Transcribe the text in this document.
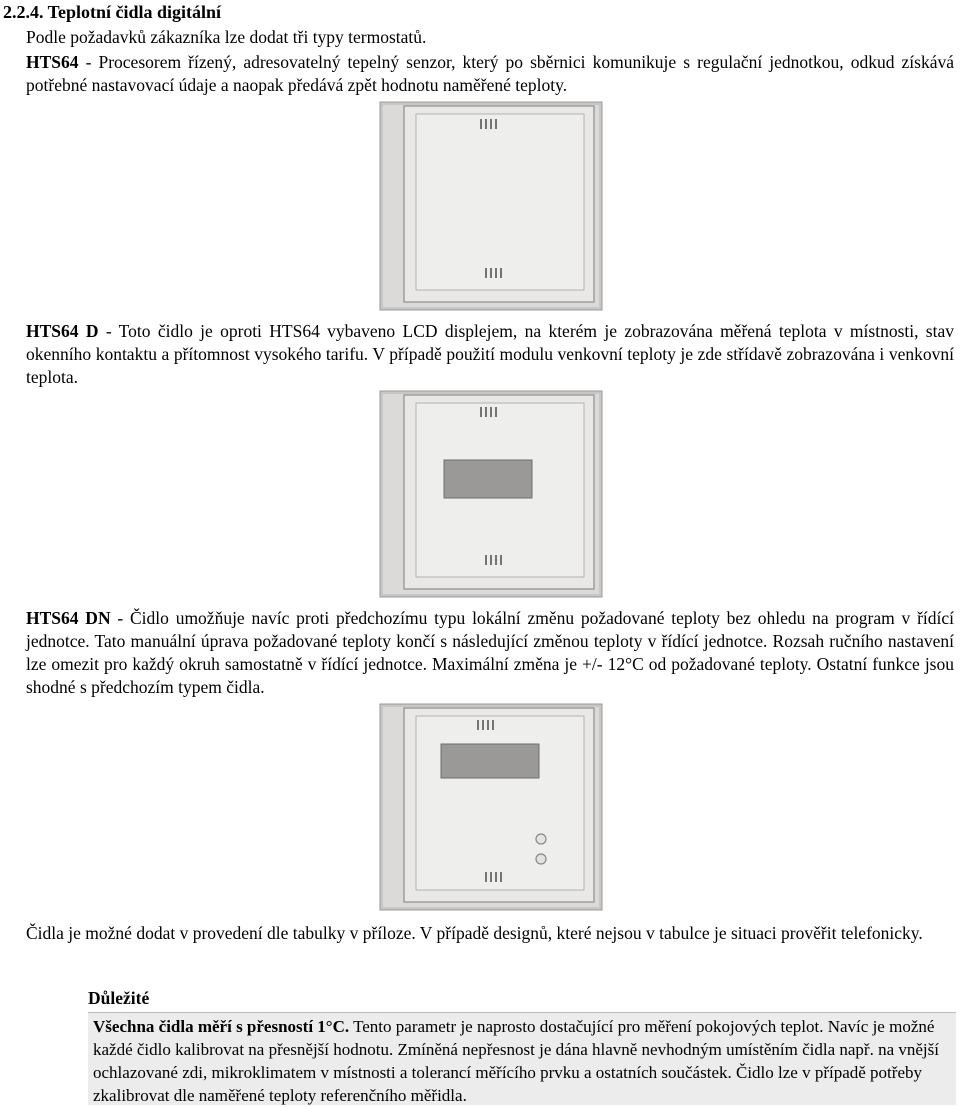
2.2.4. Teplotní čidla digitální

Podle požadavků zákazníka lze dodat tři typy termostatů.

HTS64 - Procesorem řízený, adresovatelný tepelný senzor, který po sběrnici komunikuje s regulační jednotkou, odkud získává potřebné nastavovací údaje a naopak předává zpět hodnotu naměřené teploty.

HTS64 D - Toto čidlo je oproti HTS64 vybaveno LCD displejem, na kterém je zobrazována měřená teplota v místnosti, stav okenního kontaktu a přítomnost vysokého tarifu. V případě použití modulu venkovní teploty je zde střídavě zobrazována i venkovní teplota.

HTS64 DN - Čidlo umožňuje navíc proti předchozímu typu lokální změnu požadované teploty bez ohledu na program v řídící jednotce. Tato manuální úprava požadované teploty končí s následující změnou teploty v řídící jednotce. Rozsah ručního nastavení lze omezit pro každý okruh samostatně v řídící jednotce. Maximální změna je +/- 12°C od požadované teploty. Ostatní funkce jsou shodné s předchozím typem čidla.

Čidla je možné dodat v provedení dle tabulky v příloze. V případě designů, které nejsou v tabulce je situaci prověřit telefonicky.

Důležité

Všechna čidla měří s přesností 1°C. Tento parametr je naprosto dostačující pro měření pokojových teplot. Navíc je možné každé čidlo kalibrovat na přesnější hodnotu. Zmíněná nepřesnost je dána hlavně nevhodným umístěním čidla např. na vnější ochlazované zdi, mikroklimatem v místnosti a tolerancí měřícího prvku a ostatních součástek. Čidlo lze v případě potřeby zkalibrovat dle naměřené teploty referenčního měřidla.
